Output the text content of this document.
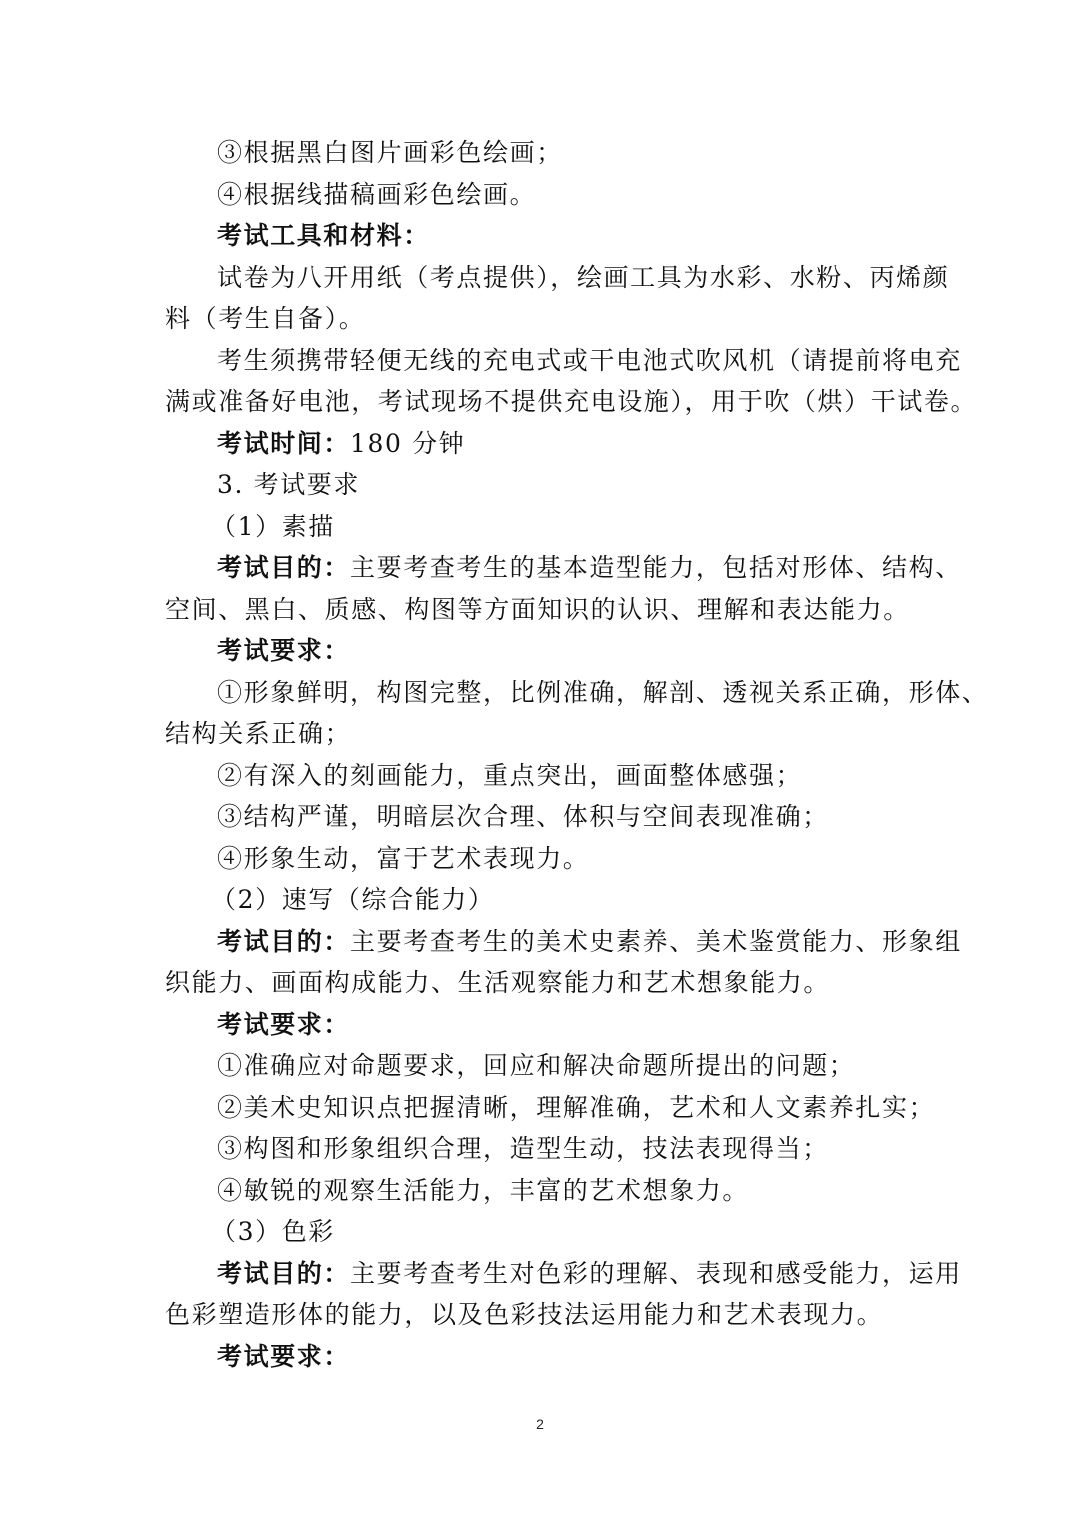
③根据黑白图片画彩色绘画；
④根据线描稿画彩色绘画。
考试工具和材料：
试卷为八开用纸（考点提供），绘画工具为水彩、水粉、丙烯颜
料（考生自备）。
考生须携带轻便无线的充电式或干电池式吹风机（请提前将电充
满或准备好电池，考试现场不提供充电设施），用于吹（烘）干试卷。
考试时间：180 分钟
3. 考试要求
（1）素描
考试目的：主要考查考生的基本造型能力，包括对形体、结构、
空间、黑白、质感、构图等方面知识的认识、理解和表达能力。
考试要求：
①形象鲜明，构图完整，比例准确，解剖、透视关系正确，形体、
结构关系正确；
②有深入的刻画能力，重点突出，画面整体感强；
③结构严谨，明暗层次合理、体积与空间表现准确；
④形象生动，富于艺术表现力。
（2）速写（综合能力）
考试目的：主要考查考生的美术史素养、美术鉴赏能力、形象组
织能力、画面构成能力、生活观察能力和艺术想象能力。
考试要求：
①准确应对命题要求，回应和解决命题所提出的问题；
②美术史知识点把握清晰，理解准确，艺术和人文素养扎实；
③构图和形象组织合理，造型生动，技法表现得当；
④敏锐的观察生活能力，丰富的艺术想象力。
（3）色彩
考试目的：主要考查考生对色彩的理解、表现和感受能力，运用
色彩塑造形体的能力，以及色彩技法运用能力和艺术表现力。
考试要求：
2
